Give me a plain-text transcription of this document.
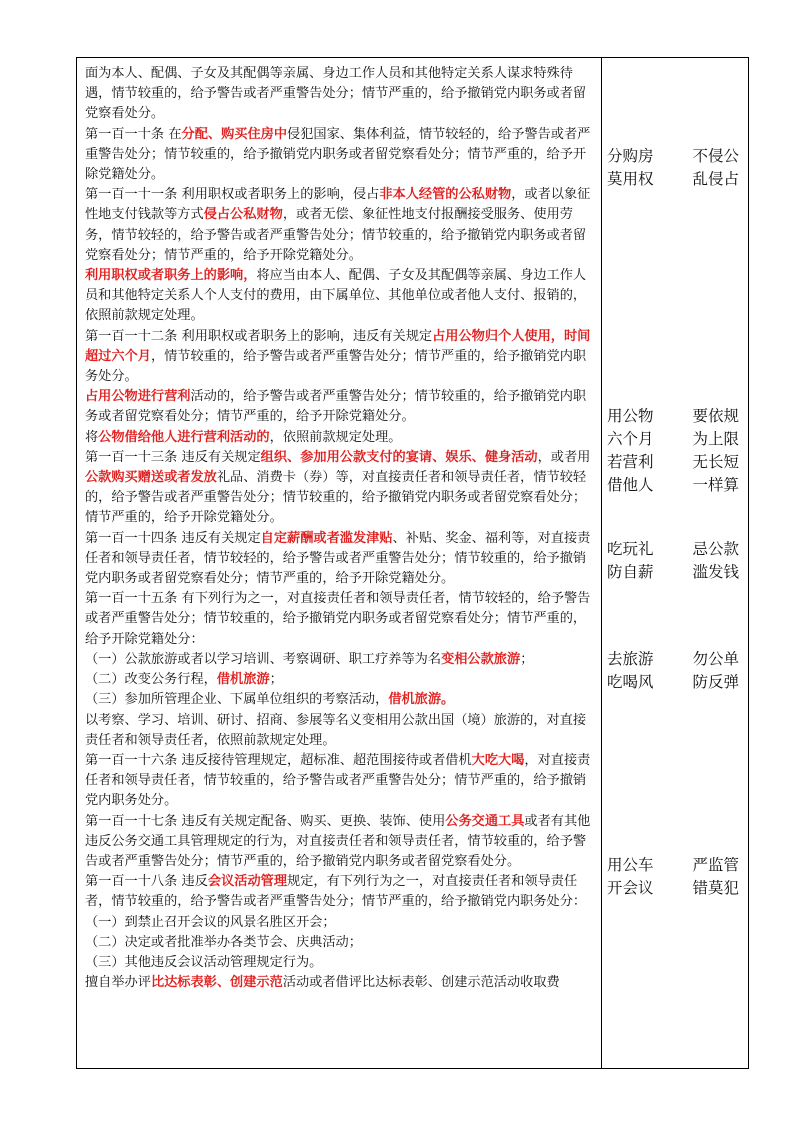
面为本人、配偶、子女及其配偶等亲属、身边工作人员和其他特定关系人谋求特殊待遇，情节较重的，给予警告或者严重警告处分；情节严重的，给予撤销党内职务或者留党察看处分。

第一百一十条 在分配、购买住房中侵犯国家、集体利益，情节较轻的，给予警告或者严重警告处分；情节较重的，给予撤销党内职务或者留党察看处分；情节严重的，给予开除党籍处分。

第一百一十一条 利用职权或者职务上的影响，侵占非本人经管的公私财物，或者以象征性地支付钱款等方式侵占公私财物，或者无偿、象征性地支付报酬接受服务、使用劳务，情节较轻的，给予警告或者严重警告处分；情节较重的，给予撤销党内职务或者留党察看处分；情节严重的，给予开除党籍处分。

利用职权或者职务上的影响，将应当由本人、配偶、子女及其配偶等亲属、身边工作人员和其他特定关系人个人支付的费用，由下属单位、其他单位或者他人支付、报销的，依照前款规定处理。

第一百一十二条 利用职权或者职务上的影响，违反有关规定占用公物归个人使用，时间超过六个月，情节较重的，给予警告或者严重警告处分；情节严重的，给予撤销党内职务处分。

占用公物进行营利活动的，给予警告或者严重警告处分；情节较重的，给予撤销党内职务或者留党察看处分；情节严重的，给予开除党籍处分。

将公物借给他人进行营利活动的，依照前款规定处理。

第一百一十三条 违反有关规定组织、参加用公款支付的宴请、娱乐、健身活动，或者用公款购买赠送或者发放礼品、消费卡（券）等，对直接责任者和领导责任者，情节较轻的，给予警告或者严重警告处分；情节较重的，给予撤销党内职务或者留党察看处分；情节严重的，给予开除党籍处分。

第一百一十四条 违反有关规定自定薪酬或者滥发津贴、补贴、奖金、福利等，对直接责任者和领导责任者，情节较轻的，给予警告或者严重警告处分；情节较重的，给予撤销党内职务或者留党察看处分；情节严重的，给予开除党籍处分。

第一百一十五条 有下列行为之一，对直接责任者和领导责任者，情节较轻的，给予警告或者严重警告处分；情节较重的，给予撤销党内职务或者留党察看处分；情节严重的，给予开除党籍处分：

（一）公款旅游或者以学习培训、考察调研、职工疗养等为名变相公款旅游；

（二）改变公务行程，借机旅游；

（三）参加所管理企业、下属单位组织的考察活动，借机旅游。

以考察、学习、培训、研讨、招商、参展等名义变相用公款出国（境）旅游的，对直接责任者和领导责任者，依照前款规定处理。

第一百一十六条 违反接待管理规定，超标准、超范围接待或者借机大吃大喝，对直接责任者和领导责任者，情节较重的，给予警告或者严重警告处分；情节严重的，给予撤销党内职务处分。

第一百一十七条 违反有关规定配备、购买、更换、装饰、使用公务交通工具或者有其他违反公务交通工具管理规定的行为，对直接责任者和领导责任者，情节较重的，给予警告或者严重警告处分；情节严重的，给予撤销党内职务或者留党察看处分。

第一百一十八条 违反会议活动管理规定，有下列行为之一，对直接责任者和领导责任者，情节较重的，给予警告或者严重警告处分；情节严重的，给予撤销党内职务处分：

（一）到禁止召开会议的风景名胜区开会；

（二）决定或者批准举办各类节会、庆典活动；

（三）其他违反会议活动管理规定行为。

擅自举办评比达标表彰、创建示范活动或者借评比达标表彰、创建示范活动收取费

分购房	不侵公
莫用权	乱侵占
用公物	要依规
六个月	为上限
若营利	无长短
借他人	一样算
吃玩礼	忌公款
防自薪	滥发钱
去旅游	勿公单
吃喝风	防反弹
用公车	严监管
开会议	错莫犯
